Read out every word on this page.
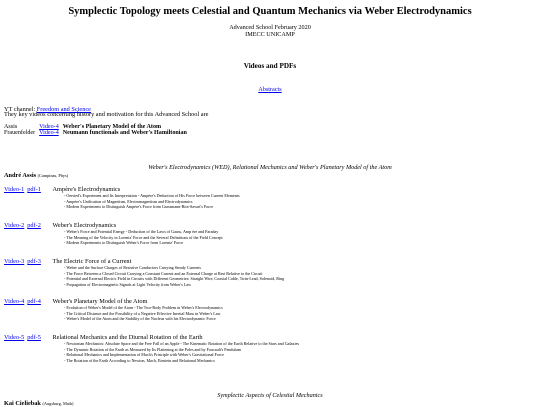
Symplectic Topology meets Celestial and Quantum Mechanics via Weber Electrodynamics
Advanced School February 2020
IMECC UNICAMP
Videos and PDFs
Abstracts
YT channel: Freedom and Science
They key videos concerning history and motivation for this Advanced School are
Assis	Video-4	Weber's Planetary Model of the Atom
Frauenfelder	Video-4	Neumann functionals and Weber's Hamiltonian
Weber's Electrodynamics (WED), Relational Mechanics and Weber's Planetary Model of the Atom
André Assis (Campinas, Phys)
Video-1 pdf-1 Ampère's Electrodynamics
- Oersted's Experiment and Its Interpretation - Ampère's Deduction of His Force between Current Elements
- Ampère's Unification of Magnetism, Electromagnetism and Electrodynamics
- Modern Experiments to Distinguish Ampère's Force from Grassmann-Biot-Savart's Force
Video-2 pdf-2 Weber's Electrodynamics
- Weber's Force and Potential Energy - Deduction of the Laws of Gauss, Amp ère and Faraday
- The Meaning of the Velocity in Lorentz' Force and the Several Definitions of the Field Concept
- Modern Experiments to Distinguish Weber's Force from Lorentz' Force
Video-3 pdf-3 The Electric Force of a Current
- Weber and the Surface Charges of Resistive Conductors Carrying Steady Currents
- The Force Between a Closed Circuit Carrying a Constant Current and an External Charge at Rest Relative to the Circuit
- Potential and External Electric Field in Circuits with Different Geometries: Straight Wire, Coaxial Cable, Twin-Lead, Solenoid, Ring
- Propagation of Electromagnetic Signals at Light Velocity from Weber's Law
Video-4 pdf-4 Weber's Planetary Model of the Atom
- Evolution of Weber's Model of the Atom - The Two-Body Problem in Weber's Electrodynamics
- The Critical Distance and the Possibility of a Negative Effective Inertial Mass in Weber's Law
- Weber's Model of the Atom and the Stability of the Nucleus with his Electrodynamic Force
Video-5 pdf-5 Relational Mechanics and the Diurnal Rotation of the Earth
- Newtonian Mechanics: Absolute Space and the Free Fall of an Apple - The Kinematic Rotation of the Earth Relative to the Stars and Galaxies
- The Dynamic Rotation of the Earth as Measured by Its Flattening at the Poles and by Foucault's Pendulum
- Relational Mechanics and Implementation of Mach's Principle with Weber's Gravitational Force
- The Rotation of the Earth According to Newton, Mach, Einstein and Relational Mechanics
Symplectic Aspects of Celestial Mechanics
Kai Cieliebak (Augsburg, Math)
